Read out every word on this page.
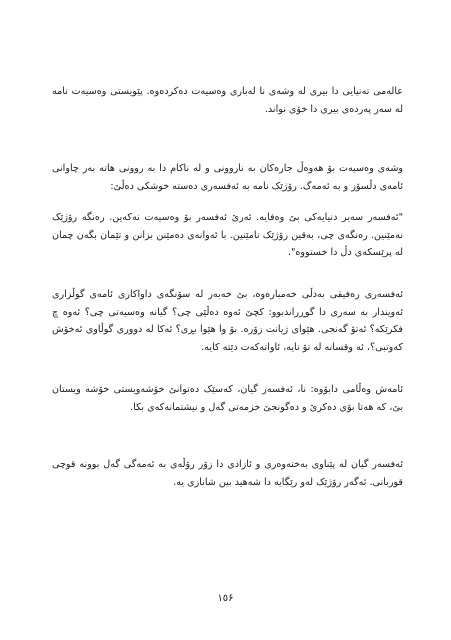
عالەمی تەنیایی دا بیری لە وشەی نا لەباری وەسیەت دەکردەوە. پێویستی وەسیەت نامە لە سەر پەردەی بیری دا خۆی نواند.

وشەی وەسیەت بۆ هەوەڵ جارەکان بە ناروونی و لە ناکام دا بە روونی هاتە بەر چاوانی ئامەی دڵسۆز و بە ئەمەگ. رۆژێک نامە بە ئەفسەری دەستە خوشکی دەڵێ:

"ئەفسەر سەیر دنیایەکی بێ وەفایە. ئەرێ ئەفسەر بۆ وەسیەت نەکەین. رەنگە رۆژێک نەمێنین. رەنگەی چی، بەقین رۆژێک نامێنین. با ئەوانەی دەمێنن بزانن و تێمان بگەن چمان لە پرێسکەی دڵ دا خستووە".

ئەفسەری رەفیقی بەدڵی خەمبارەوە، بێ خەبەر لە سۆنگەی داواکاری ئامەی گوڵزاری ئەویندار بە سەری دا گوڕراندبوو: کچێ ئەوە دەڵێی چی؟ گیانە وەسیەتی چی؟ ئەوە چ فکرێکە؟ ئەتۆ گەنجی. هێوای ژیانت زۆرە. بۆ وا هێوا بڕی؟ ئەکا لە دووری گوڵاوی ئەخۆش کەوتبی؟، ئە وقسانە لە تۆ نایە، ئاواتەکەت دێتە کایە.

ئامەش وەڵامی دابۆوە: نا، ئەفسەر گیان، کەسێک دەتوانێ خۆشەویستی خۆشە ویستان بێ، کە هەتا بۆی دەکرێ و دەگونجێ خزمەتی گەل و نیشتمانەکەی بکا.

ئەفسەر گیان لە پێناوی بەختەوەری و ئازادی دا زۆر رۆڵەی بە ئەمەگی گەل بوونە قوچی قوربانی. ئەگەر رۆژێک لەو رێگایە دا شەهید بین شانازی یە.

١٥۶
